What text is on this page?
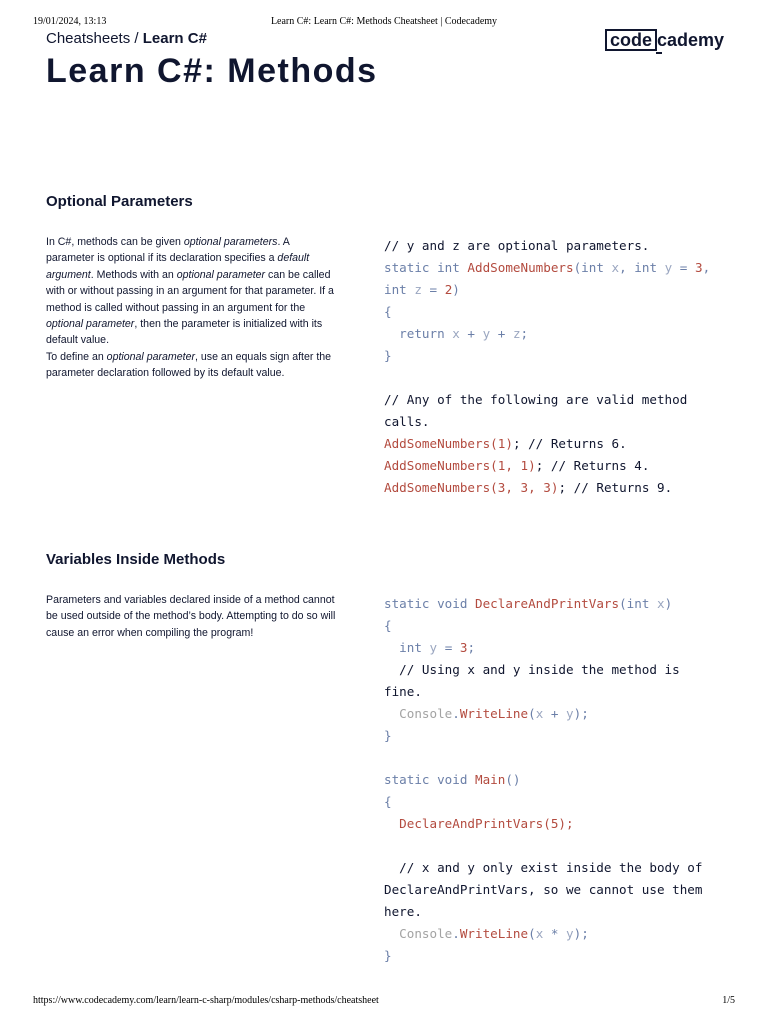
19/01/2024, 13:13	Learn C#: Learn C#: Methods Cheatsheet | Codecademy
Cheatsheets / Learn C#	code cademy
Learn C#: Methods
Optional Parameters

In C#, methods can be given optional parameters. A parameter is optional if its declaration specifies a default argument. Methods with an optional parameter can be called with or without passing in an argument for that parameter. If a method is called without passing in an argument for the optional parameter, then the parameter is initialized with its default value.

To define an optional parameter, use an equals sign after the parameter declaration followed by its default value.

// y and z are optional parameters.
static int AddSomeNumbers(int x, int y = 3, int z = 2)
{
return x + y + z;
}
// Any of the following are valid method calls.
AddSomeNumbers(1); // Returns 6.
AddSomeNumbers(1, 1); // Returns 4.
AddSomeNumbers(3, 3, 3); // Returns 9.
Variables Inside Methods

Parameters and variables declared inside of a method cannot be used outside of the method’s body. Attempting to do so will cause an error when compiling the program!

static void DeclareAndPrintVars(int x)
{
int y = 3;
// Using x and y inside the method is fine.
Console.WriteLine(x + y);
}
static void Main()
{
DeclareAndPrintVars(5);
// x and y only exist inside the body of DeclareAndPrintVars, so we cannot use them here.
Console.WriteLine(x * y);
}
https://www.codecademy.com/learn/learn-c-sharp/modules/csharp-methods/cheatsheet	1/5
